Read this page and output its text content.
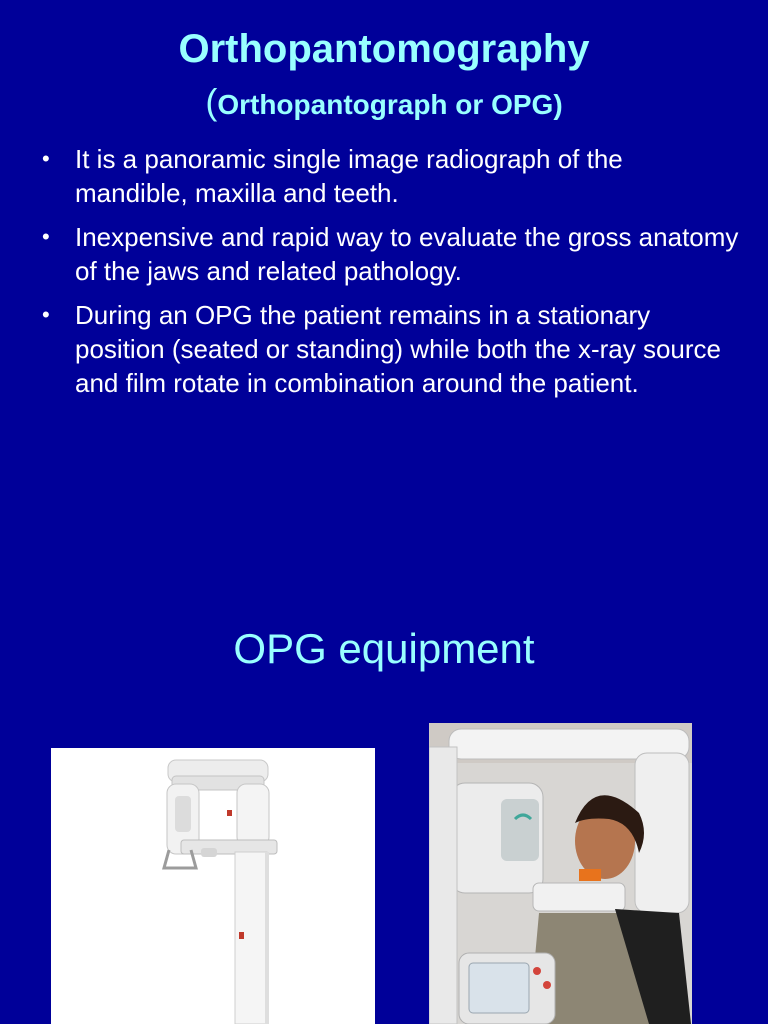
Orthopantomography
(Orthopantograph or OPG)
• It is a panoramic single image radiograph of the mandible, maxilla and teeth.
• Inexpensive and rapid way to evaluate the gross anatomy of the jaws and related pathology.
• During an OPG the patient remains in a stationary position (seated or standing) while both the x-ray source and film rotate in combination around the patient.
OPG equipment
